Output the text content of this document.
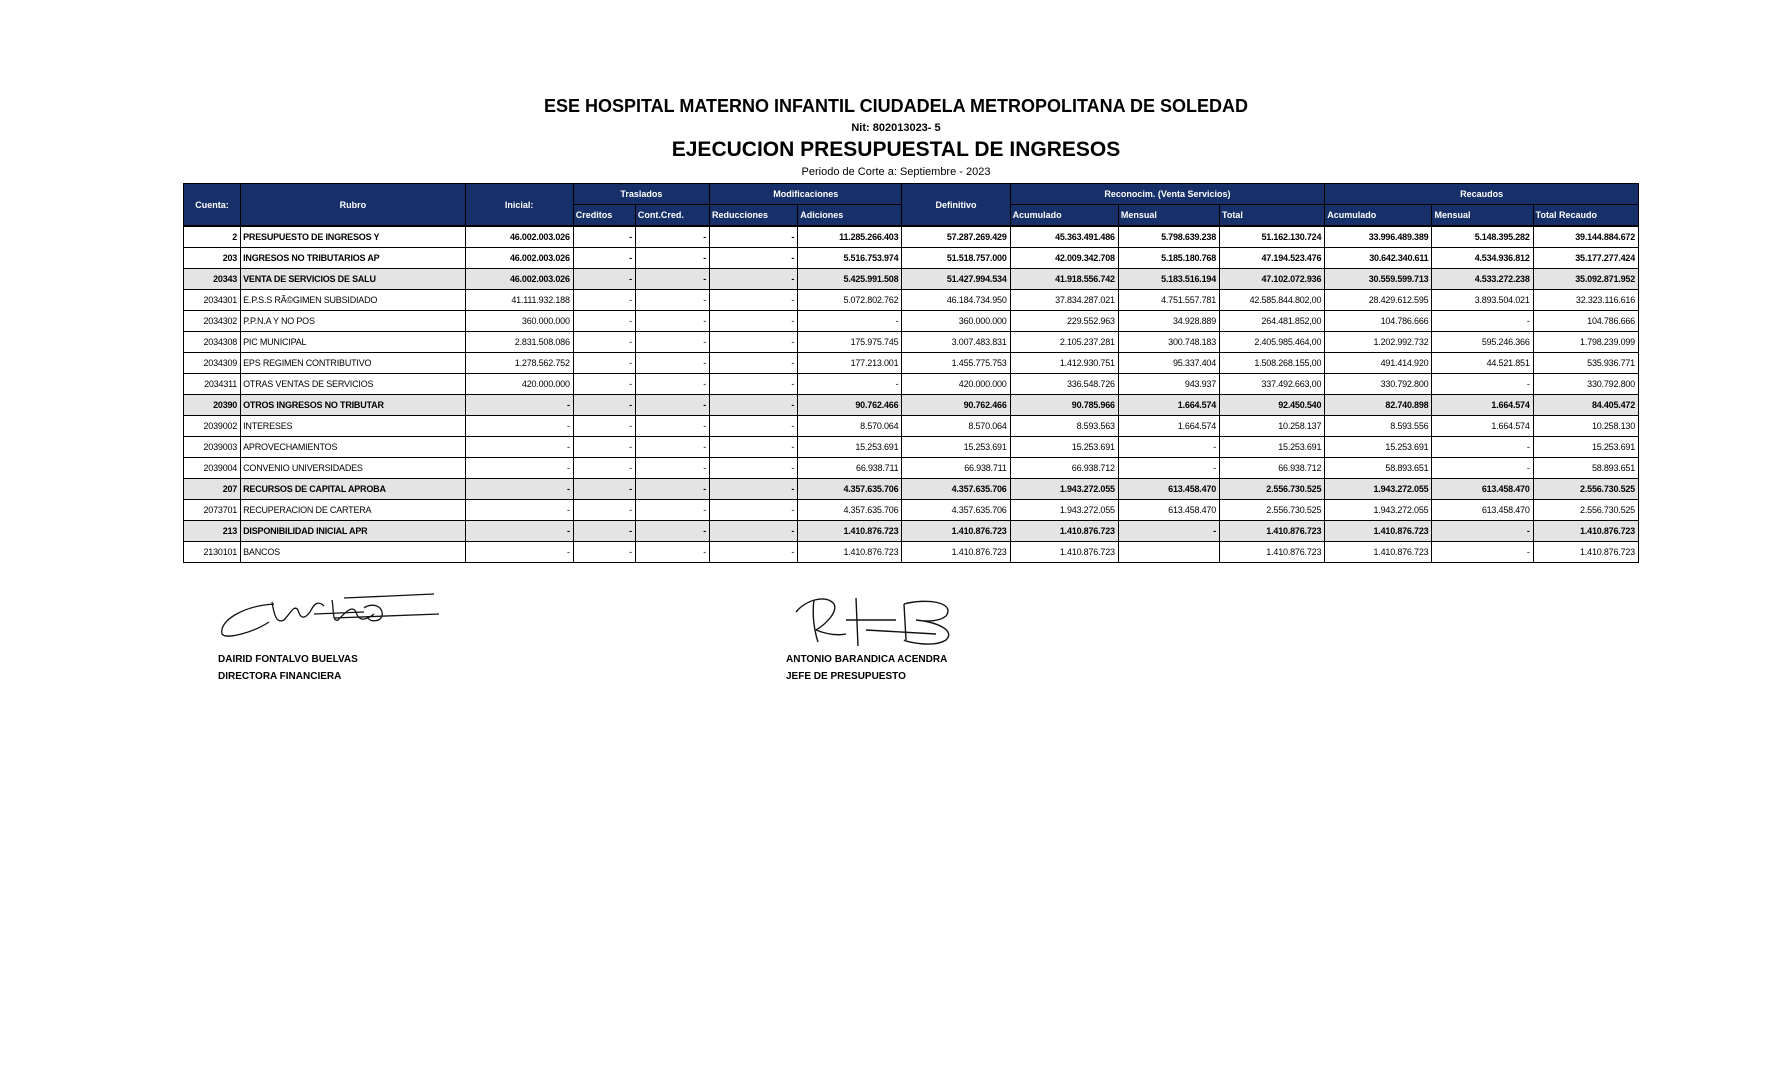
ESE HOSPITAL MATERNO INFANTIL CIUDADELA METROPOLITANA DE SOLEDAD
Nit: 802013023- 5
EJECUCION PRESUPUESTAL DE INGRESOS
Periodo de Corte a: Septiembre - 2023
Cuenta:	Rubro	Inicial:	Traslados		Modificaciones		Definitivo	Reconocim. (Venta Servicios)			Recaudos		
			Creditos	Cont.Cred.	Reducciones	Adiciones		Acumulado	Mensual	Total	Acumulado	Mensual	Total Recaudo
2	PRESUPUESTO DE INGRESOS Y	46.002.003.026	-	-	-	11.285.266.403	57.287.269.429	45.363.491.486	5.798.639.238	51.162.130.724	33.996.489.389	5.148.395.282	39.144.884.672
203	INGRESOS NO TRIBUTARIOS AP	46.002.003.026	-	-	-	5.516.753.974	51.518.757.000	42.009.342.708	5.185.180.768	47.194.523.476	30.642.340.611	4.534.936.812	35.177.277.424
20343	VENTA DE SERVICIOS DE SALU	46.002.003.026	-	-	-	5.425.991.508	51.427.994.534	41.918.556.742	5.183.516.194	47.102.072.936	30.559.599.713	4.533.272.238	35.092.871.952
2034301	E.P.S.S RÃ©GIMEN SUBSIDIADO	41.111.932.188	-	-	-	5.072.802.762	46.184.734.950	37.834.287.021	4.751.557.781	42.585.844.802,00	28.429.612.595	3.893.504.021	32.323.116.616
2034302	P.P.N.A Y NO POS	360.000.000	-	-	-	-	360.000.000	229.552.963	34.928.889	264.481.852,00	104.786.666	-	104.786.666
2034308	PIC MUNICIPAL	2.831.508.086	-	-	-	175.975.745	3.007.483.831	2.105.237.281	300.748.183	2.405.985.464,00	1.202.992.732	595.246.366	1.798.239.099
2034309	EPS REGIMEN CONTRIBUTIVO	1.278.562.752	-	-	-	177.213.001	1.455.775.753	1.412.930.751	95.337.404	1.508.268.155,00	491.414.920	44.521.851	535.936.771
2034311	OTRAS VENTAS DE SERVICIOS	420.000.000	-	-	-	-	420.000.000	336.548.726	943.937	337.492.663,00	330.792.800	-	330.792.800
20390	OTROS INGRESOS NO TRIBUTAR	-	-	-	-	90.762.466	90.762.466	90.785.966	1.664.574	92.450.540	82.740.898	1.664.574	84.405.472
2039002	INTERESES	-	-	-	-	8.570.064	8.570.064	8.593.563	1.664.574	10.258.137	8.593.556	1.664.574	10.258.130
2039003	APROVECHAMIENTOS	-	-	-	-	15.253.691	15.253.691	15.253.691	-	15.253.691	15.253.691	-	15.253.691
2039004	CONVENIO UNIVERSIDADES	-	-	-	-	66.938.711	66.938.711	66.938.712	-	66.938.712	58.893.651	-	58.893.651
207	RECURSOS DE CAPITAL APROBA	-	-	-	-	4.357.635.706	4.357.635.706	1.943.272.055	613.458.470	2.556.730.525	1.943.272.055	613.458.470	2.556.730.525
2073701	RECUPERACION DE CARTERA	-	-	-	-	4.357.635.706	4.357.635.706	1.943.272.055	613.458.470	2.556.730.525	1.943.272.055	613.458.470	2.556.730.525
213	DISPONIBILIDAD INICIAL APR	-	-	-	-	1.410.876.723	1.410.876.723	1.410.876.723	-	1.410.876.723	1.410.876.723	-	1.410.876.723
2130101	BANCOS	-	-	-	-	1.410.876.723	1.410.876.723	1.410.876.723		1.410.876.723	1.410.876.723	-	1.410.876.723
DAIRID FONTALVO BUELVAS
DIRECTORA FINANCIERA
ANTONIO BARANDICA ACENDRA
JEFE DE PRESUPUESTO
